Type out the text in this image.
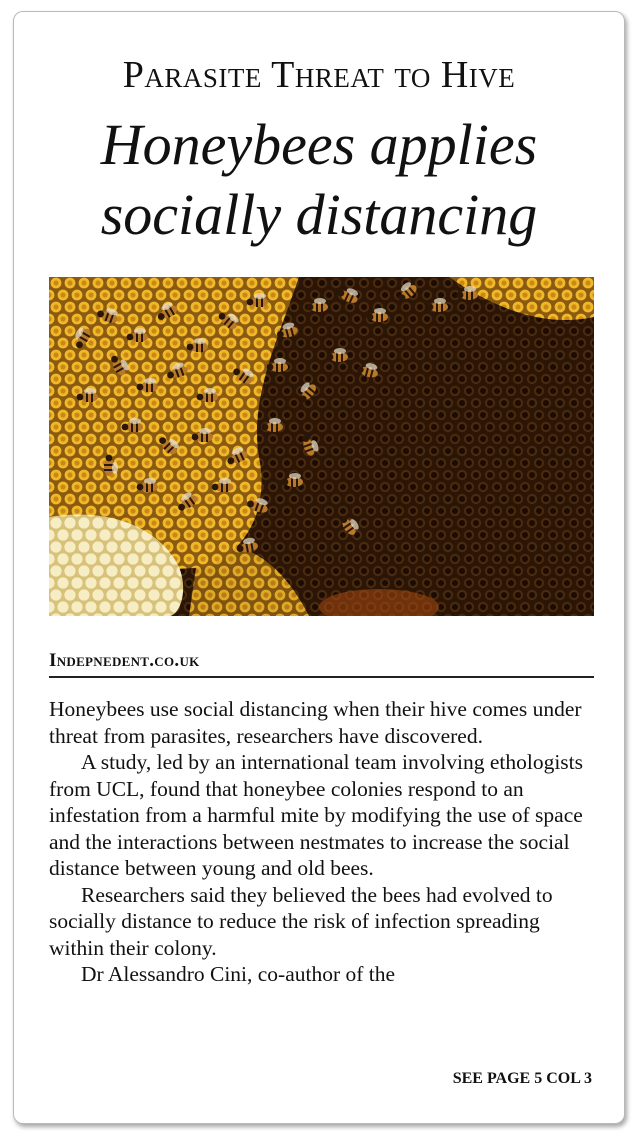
Parasite Threat to Hive
Honeybees applies
socially distancing
Indepnedent.co.uk

Honeybees use social distancing when their hive comes under threat from parasites, researchers have discovered.

A study, led by an international team involving ethologists from UCL, found that honeybee colonies respond to an infestation from a harmful mite by modifying the use of space and the interactions between nestmates to increase the social distance between young and old bees.

Researchers said they believed the bees had evolved to socially distance to reduce the risk of infection spreading within their colony.

Dr Alessandro Cini, co-author of the

SEE PAGE 5 COL 3
